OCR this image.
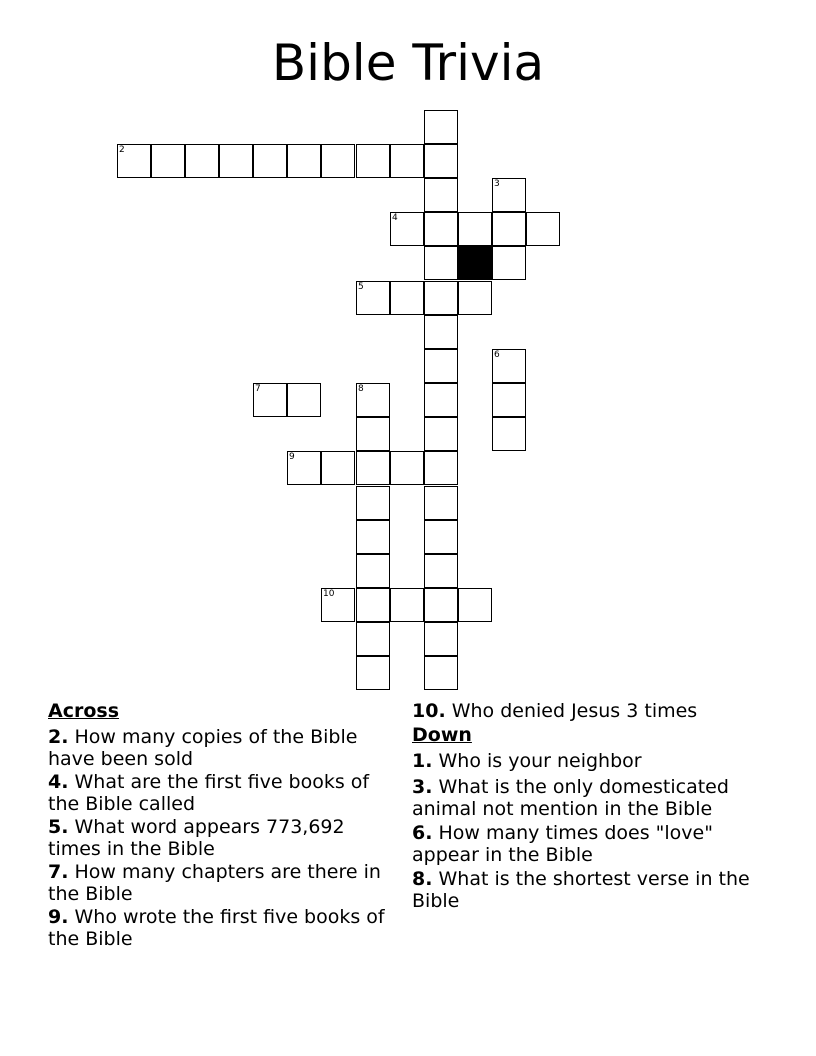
Bible Trivia
2
3
4
5
6
7	8
9
10
Across
2. How many copies of the Bible have been sold
4. What are the first five books of the Bible called
5. What word appears 773,692 times in the Bible
7. How many chapters are there in the Bible
9. Who wrote the first five books of the Bible
10. Who denied Jesus 3 times
Down
1. Who is your neighbor
3. What is the only domesticated animal not mention in the Bible
6. How many times does "love" appear in the Bible
8. What is the shortest verse in the Bible
